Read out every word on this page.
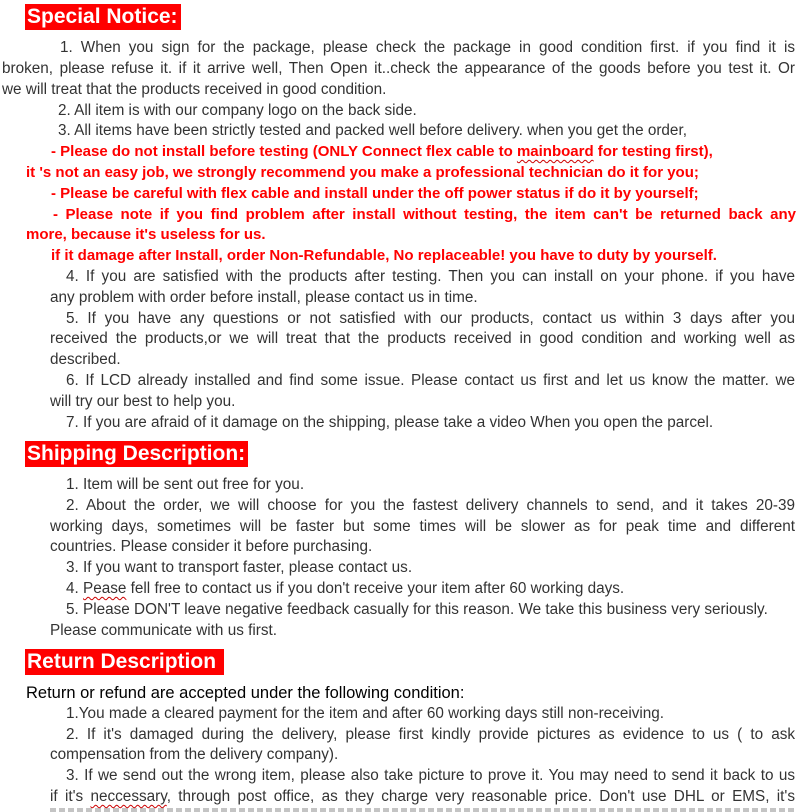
Special Notice:
1. When you sign for the package, please check the package in good condition first. if you find it is
broken, please refuse it. if it arrive well, Then Open it..check the appearance of the goods before you test it. Or
we will treat that the products received in good condition.
2. All item is with our company logo on the back side.
3. All items have been strictly tested and packed well before delivery. when you get the order,
- Please do not install before testing (ONLY Connect flex cable to mainboard for testing first),
it 's not an easy job, we strongly recommend you make a professional technician do it for you;
- Please be careful with flex cable and install under the off power status if do it by yourself;
- Please note if you find problem after install without testing, the item can't be returned back any
more, because it's useless for us.
if it damage after Install, order Non-Refundable, No replaceable! you have to duty by yourself.
4. If you are satisfied with the products after testing. Then you can install on your phone. if you have
any problem with order before install, please contact us in time.
5. If you have any questions or not satisfied with our products, contact us within 3 days after you
received the products,or we will treat that the products received in good condition and working well as
described.
6. If LCD already installed and find some issue. Please contact us first and let us know the matter. we
will try our best to help you.
7. If you are afraid of it damage on the shipping, please take a video When you open the parcel.
Shipping Description:
1. Item will be sent out free for you.
2. About the order, we will choose for you the fastest delivery channels to send, and it takes 20-39
working days, sometimes will be faster but some times will be slower as for peak time and different
countries. Please consider it before purchasing.
3. If you want to transport faster, please contact us.
4. Pease fell free to contact us if you don't receive your item after 60 working days.
5. Please DON'T leave negative feedback casually for this reason. We take this business very seriously.
Please communicate with us first.
Return Description
Return or refund are accepted under the following condition:
1.You made a cleared payment for the item and after 60 working days still non-receiving.
2. If it's damaged during the delivery, please first kindly provide pictures as evidence to us ( to ask
compensation from the delivery company).
3. If we send out the wrong item, please also take picture to prove it. You may need to send it back to us
if it's neccessary, through post office, as they charge very reasonable price. Don't use DHL or EMS, it's
